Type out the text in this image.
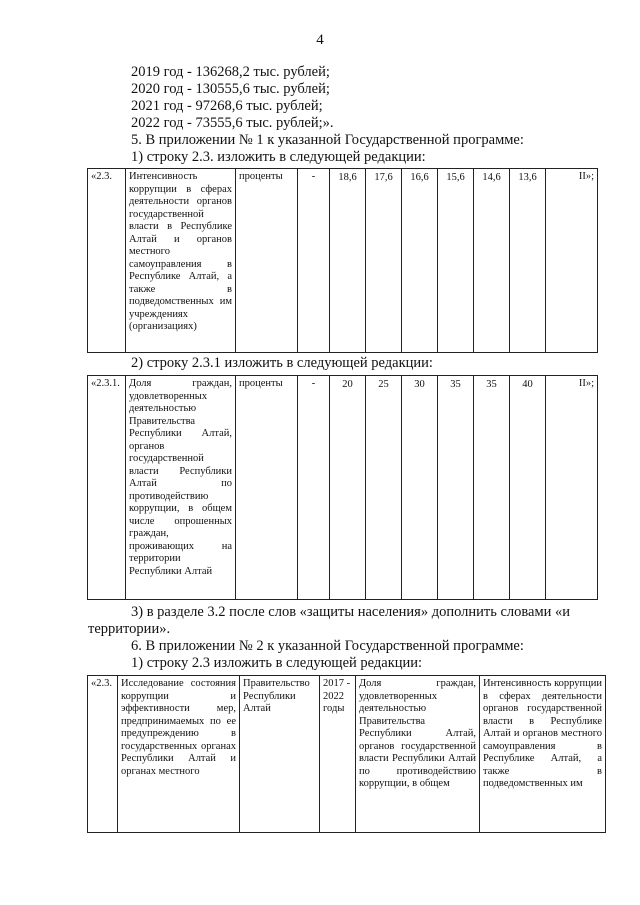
4
2019 год - 136268,2 тыс. рублей;
2020 год - 130555,6 тыс. рублей;
2021 год - 97268,6 тыс. рублей;
2022 год - 73555,6 тыс. рублей;».
5. В приложении № 1 к указанной Государственной программе:
1) строку 2.3. изложить в следующей редакции:
«2.3.	Интенсивность коррупции в сферах деятельности органов государственной власти в Республике Алтай и органов местного самоуправления в Республике Алтай, а также в подведомственных им учреждениях (организациях)	проценты	-	18,6	17,6	16,6	15,6	14,6	13,6	II»;
2) строку 2.3.1 изложить в следующей редакции:
«2.3.1.	Доля граждан, удовлетворенных деятельностью Правительства Республики Алтай, органов государственной власти Республики Алтай по противодействию коррупции, в общем числе опрошенных граждан, проживающих на территории Республики Алтай	проценты	-	20	25	30	35	35	40	II»;
3) в разделе 3.2 после слов «защиты населения» дополнить словами «и
территории».
6. В приложении № 2 к указанной Государственной программе:
1) строку 2.3 изложить в следующей редакции:
«2.3.	Исследование состояния коррупции и эффективности мер, предпринимаемых по ее предупреждению в государственных органах Республики Алтай и органах местного	Правительство Республики Алтай	2017 - 2022 годы	Доля граждан, удовлетворенных деятельностью Правительства Республики Алтай, органов государственной власти Республики Алтай по противодействию коррупции, в общем	Интенсивность коррупции в сферах деятельности органов государственной власти в Республике Алтай и органов местного самоуправления в Республике Алтай, а также в подведомственных им
